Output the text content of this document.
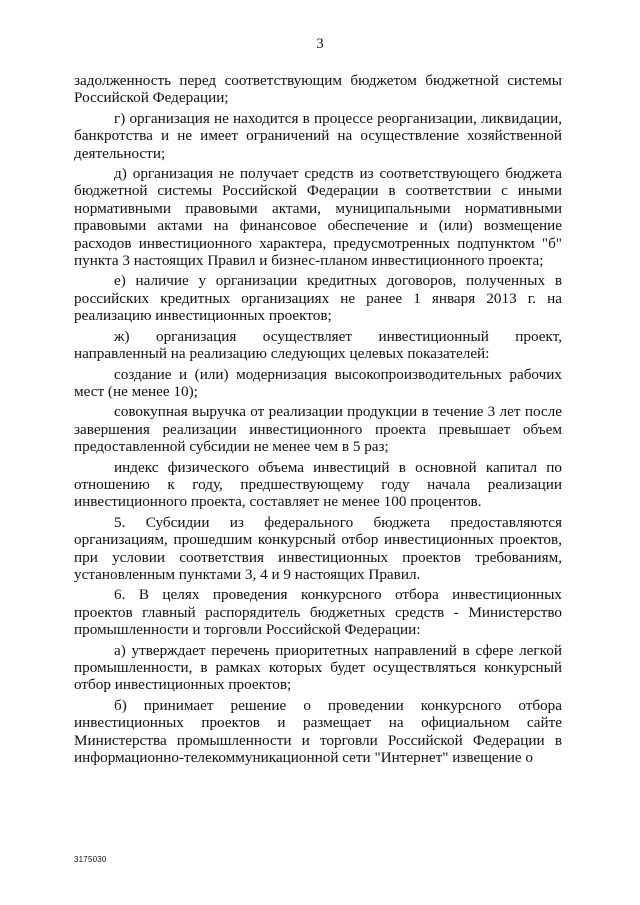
3

задолженность перед соответствующим бюджетом бюджетной системы Российской Федерации;

г) организация не находится в процессе реорганизации, ликвидации, банкротства и не имеет ограничений на осуществление хозяйственной деятельности;

д) организация не получает средств из соответствующего бюджета бюджетной системы Российской Федерации в соответствии с иными нормативными правовыми актами, муниципальными нормативными правовыми актами на финансовое обеспечение и (или) возмещение расходов инвестиционного характера, предусмотренных подпунктом "б" пункта 3 настоящих Правил и бизнес-планом инвестиционного проекта;

е) наличие у организации кредитных договоров, полученных в российских кредитных организациях не ранее 1 января 2013 г. на реализацию инвестиционных проектов;

ж) организация осуществляет инвестиционный проект, направленный на реализацию следующих целевых показателей:

создание и (или) модернизация высокопроизводительных рабочих мест (не менее 10);

совокупная выручка от реализации продукции в течение 3 лет после завершения реализации инвестиционного проекта превышает объем предоставленной субсидии не менее чем в 5 раз;

индекс физического объема инвестиций в основной капитал по отношению к году, предшествующему году начала реализации инвестиционного проекта, составляет не менее 100 процентов.

5. Субсидии из федерального бюджета предоставляются организациям, прошедшим конкурсный отбор инвестиционных проектов, при условии соответствия инвестиционных проектов требованиям, установленным пунктами 3, 4 и 9 настоящих Правил.

6. В целях проведения конкурсного отбора инвестиционных проектов главный распорядитель бюджетных средств - Министерство промышленности и торговли Российской Федерации:

а) утверждает перечень приоритетных направлений в сфере легкой промышленности, в рамках которых будет осуществляться конкурсный отбор инвестиционных проектов;

б) принимает решение о проведении конкурсного отбора инвестиционных проектов и размещает на официальном сайте Министерства промышленности и торговли Российской Федерации в информационно-телекоммуникационной сети "Интернет" извещение о

3175030
